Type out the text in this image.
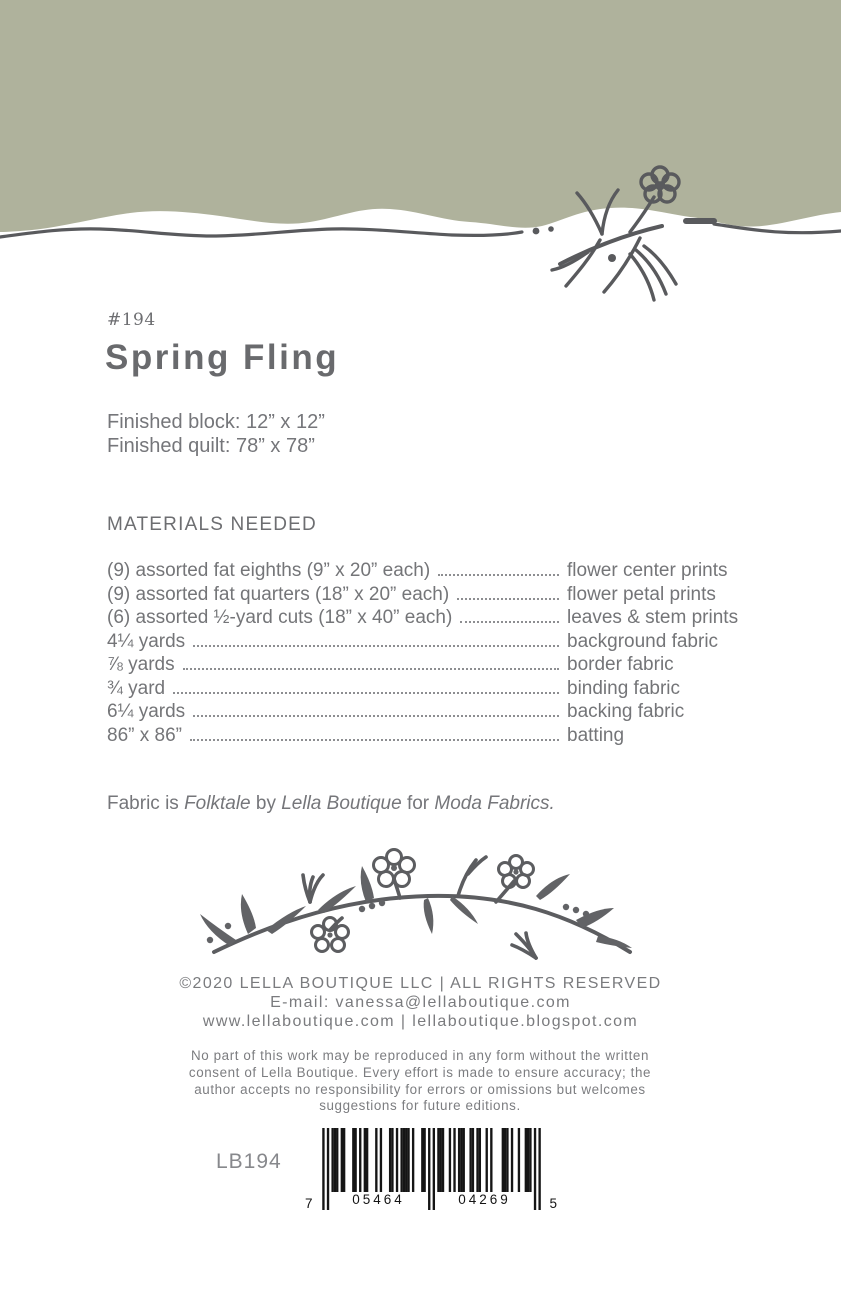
#194
Spring Fling
Finished block: 12” x 12”
Finished quilt: 78” x 78”
MATERIALS NEEDED
(9) assorted fat eighths (9” x 20” each)	flower center prints
(9) assorted fat quarters (18” x 20” each)	flower petal prints
(6) assorted ½-yard cuts (18” x 40” each)	leaves & stem prints
4¼ yards	background fabric
⅞ yards	border fabric
¾ yard	binding fabric
6¼ yards	backing fabric
86” x 86”	batting
Fabric is Folktale by Lella Boutique for Moda Fabrics.
©2020 LELLA BOUTIQUE LLC | ALL RIGHTS RESERVED
E-mail: vanessa@lellaboutique.com
www.lellaboutique.com | lellaboutique.blogspot.com
No part of this work may be reproduced in any form without the written consent of Lella Boutique. Every effort is made to ensure accuracy; the author accepts no responsibility for errors or omissions but welcomes suggestions for future editions.
LB194
7	05464	04269	5
